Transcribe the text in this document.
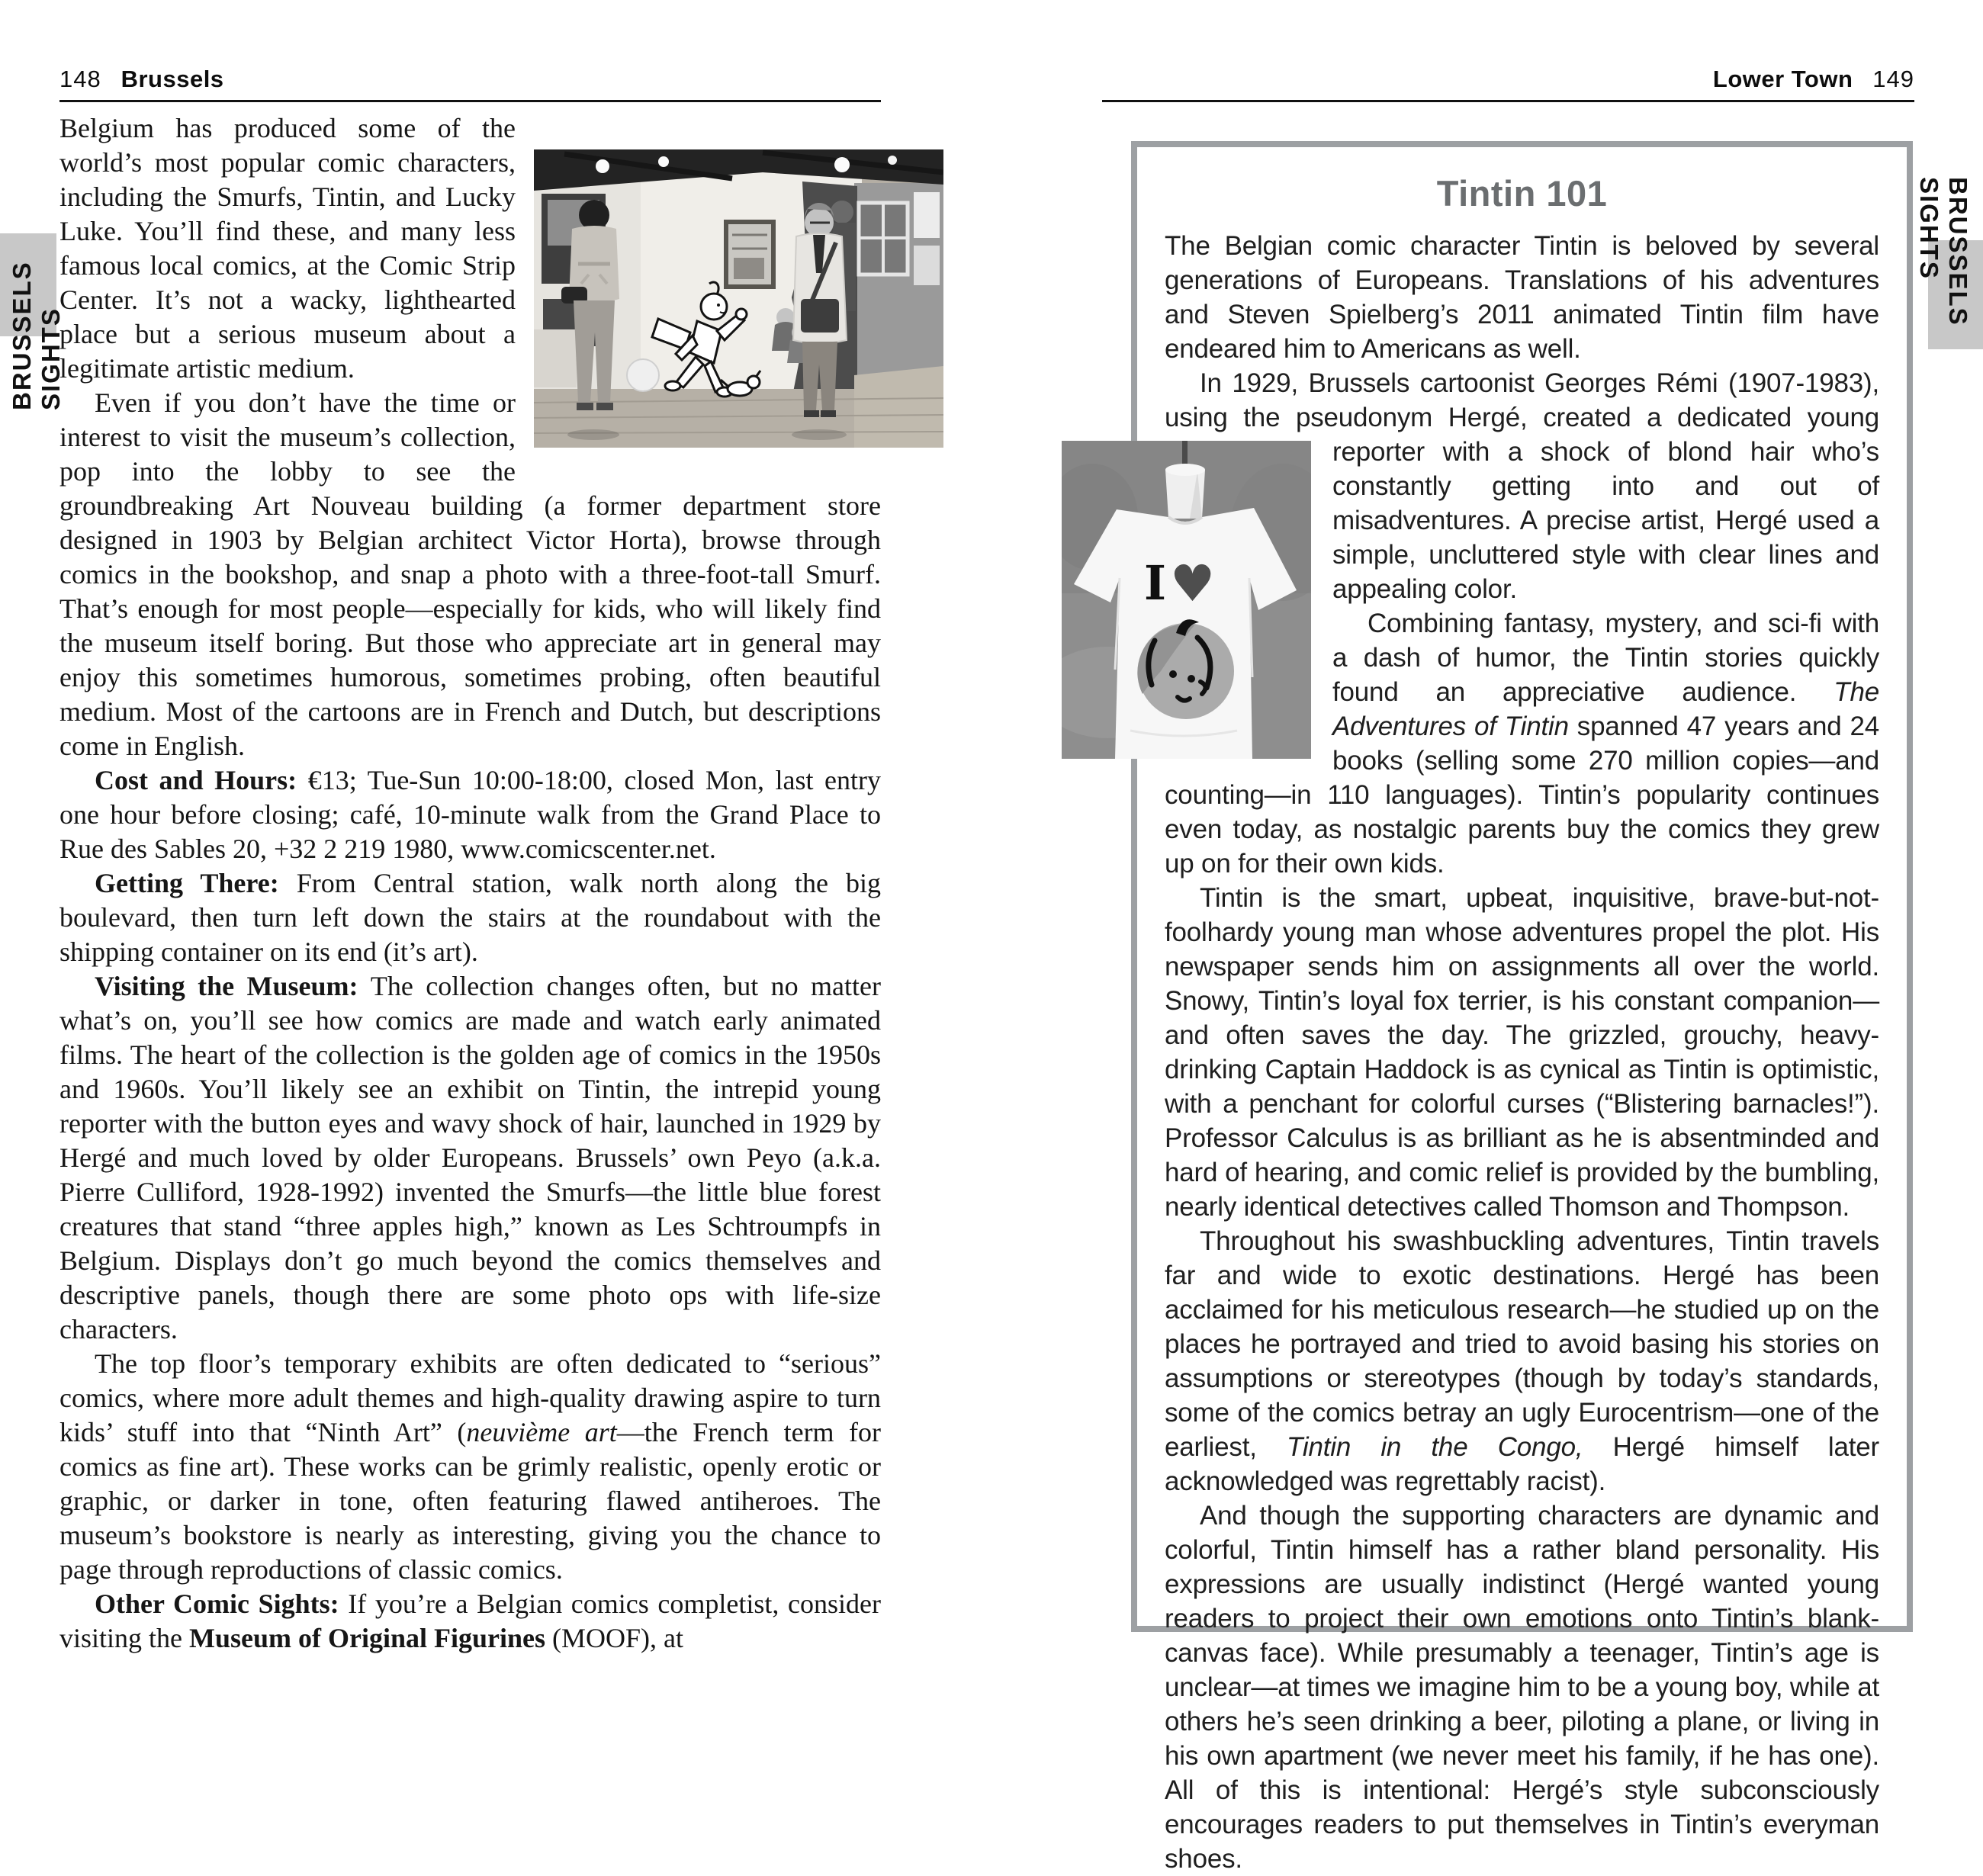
BRUSSELS SIGHTS
BRUSSELS SIGHTS
148 Brussels	Lower Town 149
Belgium has produced some of the world’s most popular comic characters, including the Smurfs, Tintin, and Lucky Luke. You’ll find these, and many less famous local comics, at the Comic Strip Center. It’s not a wacky, lighthearted place but a serious museum about a legitimate artistic medium.
Even if you don’t have the time or interest to visit the museum’s collection, pop into the lobby to see the groundbreaking Art Nouveau building (a former department store designed in 1903 by Belgian architect Victor Horta), browse through comics in the bookshop, and snap a photo with a three-foot-tall Smurf. That’s enough for most people—especially for kids, who will likely find the museum itself boring. But those who appreciate art in general may enjoy this sometimes humorous, sometimes probing, often beautiful medium. Most of the cartoons are in French and Dutch, but descriptions come in English.
Cost and Hours: €13; Tue-Sun 10:00-18:00, closed Mon, last entry one hour before closing; café, 10-minute walk from the Grand Place to Rue des Sables 20, +32 2 219 1980, www.comicscenter.net.
Getting There: From Central station, walk north along the big boulevard, then turn left down the stairs at the roundabout with the shipping container on its end (it’s art).
Visiting the Museum: The collection changes often, but no matter what’s on, you’ll see how comics are made and watch early animated films. The heart of the collection is the golden age of comics in the 1950s and 1960s. You’ll likely see an exhibit on Tintin, the intrepid young reporter with the button eyes and wavy shock of hair, launched in 1929 by Hergé and much loved by older Europeans. Brussels’ own Peyo (a.k.a. Pierre Culliford, 1928-1992) invented the Smurfs—the little blue forest creatures that stand “three apples high,” known as Les Schtroumpfs in Belgium. Displays don’t go much beyond the comics themselves and descriptive panels, though there are some photo ops with life-size characters.
The top floor’s temporary exhibits are often dedicated to “serious” comics, where more adult themes and high-quality drawing aspire to turn kids’ stuff into that “Ninth Art” (neuvième art—the French term for comics as fine art). These works can be grimly realistic, openly erotic or graphic, or darker in tone, often featuring flawed antiheroes. The museum’s bookstore is nearly as interesting, giving you the chance to page through reproductions of classic comics.
Other Comic Sights: If you’re a Belgian comics completist, consider visiting the Museum of Original Figurines (MOOF), at
Tintin 101
The Belgian comic character Tintin is beloved by several generations of Europeans. Translations of his adventures and Steven Spielberg’s 2011 animated Tintin film have endeared him to Americans as well.
In 1929, Brussels cartoonist Georges Rémi (1907-1983), using the pseudonym Hergé, created a dedicated young
I ♥
reporter with a shock of blond hair who’s constantly getting into and out of misadventures. A precise artist, Hergé used a simple, uncluttered style with clear lines and appealing color.
Combining fantasy, mystery, and sci-fi with a dash of humor, the Tintin stories quickly found an appreciative audience. The Adventures of Tintin spanned 47 years and 24 books (selling some 270 million copies—and counting—in 110 languages). Tintin’s popularity continues even today, as nostalgic parents buy the comics they grew up on for their own kids.
Tintin is the smart, upbeat, inquisitive, brave-but-not-foolhardy young man whose adventures propel the plot. His newspaper sends him on assignments all over the world. Snowy, Tintin’s loyal fox terrier, is his constant companion—and often saves the day. The grizzled, grouchy, heavy-drinking Captain Haddock is as cynical as Tintin is optimistic, with a penchant for colorful curses (“Blistering barnacles!”). Professor Calculus is as brilliant as he is absentminded and hard of hearing, and comic relief is provided by the bumbling, nearly identical detectives called Thomson and Thompson.
Throughout his swashbuckling adventures, Tintin travels far and wide to exotic destinations. Hergé has been acclaimed for his meticulous research—he studied up on the places he portrayed and tried to avoid basing his stories on assumptions or stereotypes (though by today’s standards, some of the comics betray an ugly Eurocentrism—one of the earliest, Tintin in the Congo, Hergé himself later acknowledged was regrettably racist).
And though the supporting characters are dynamic and colorful, Tintin himself has a rather bland personality. His expressions are usually indistinct (Hergé wanted young readers to project their own emotions onto Tintin’s blank-canvas face). While presumably a teenager, Tintin’s age is unclear—at times we imagine him to be a young boy, while at others he’s seen drinking a beer, piloting a plane, or living in his own apartment (we never meet his family, if he has one). All of this is intentional: Hergé’s style subconsciously encourages readers to put themselves in Tintin’s everyman shoes.
